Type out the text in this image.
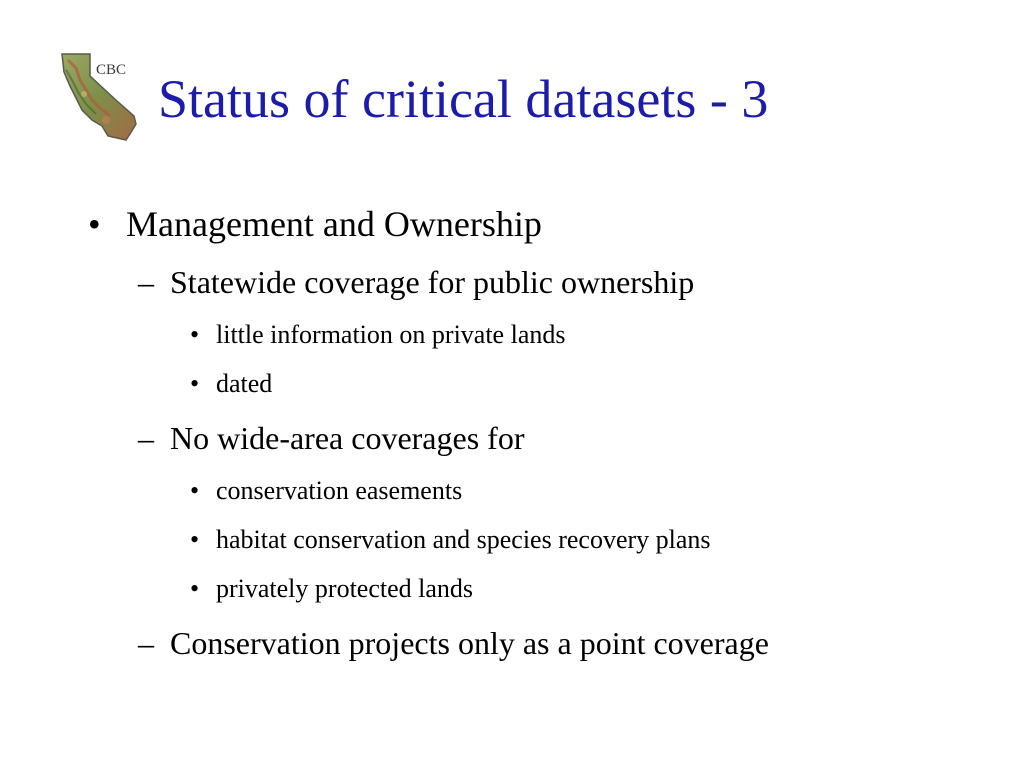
CBC Status of critical datasets - 3
• Management and Ownership
– Statewide coverage for public ownership
• little information on private lands
• dated
– No wide-area coverages for
• conservation easements
• habitat conservation and species recovery plans
• privately protected lands
– Conservation projects only as a point coverage
